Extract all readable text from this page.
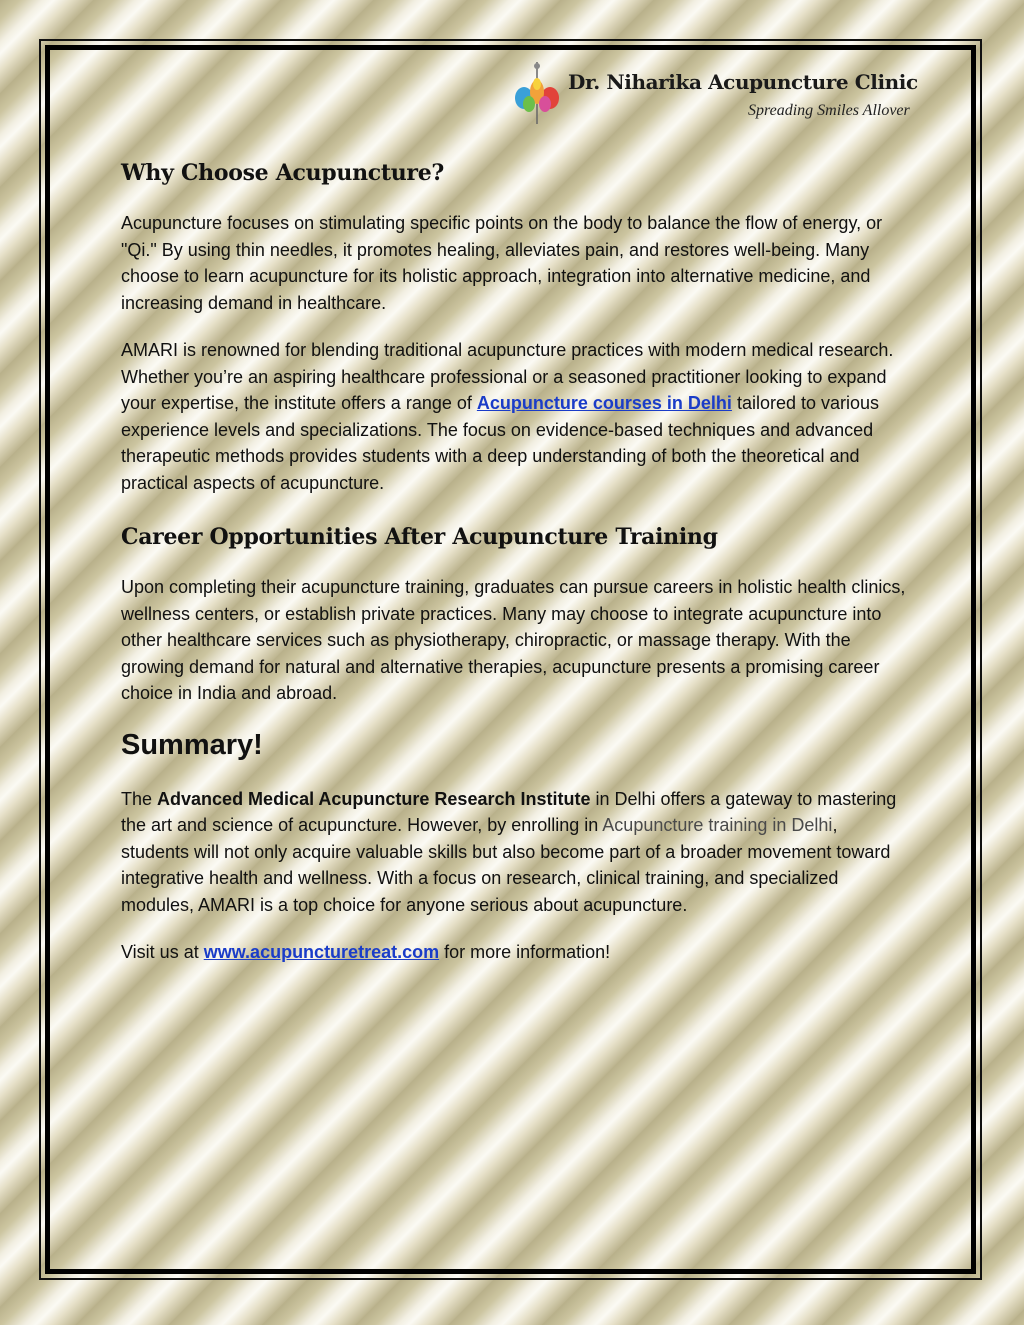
Dr. Niharika Acupuncture Clinic
Spreading Smiles Allover
Why Choose Acupuncture?

Acupuncture focuses on stimulating specific points on the body to balance the flow of energy, or "Qi." By using thin needles, it promotes healing, alleviates pain, and restores well-being. Many choose to learn acupuncture for its holistic approach, integration into alternative medicine, and increasing demand in healthcare.

AMARI is renowned for blending traditional acupuncture practices with modern medical research. Whether you’re an aspiring healthcare professional or a seasoned practitioner looking to expand your expertise, the institute offers a range of Acupuncture courses in Delhi tailored to various experience levels and specializations. The focus on evidence-based techniques and advanced therapeutic methods provides students with a deep understanding of both the theoretical and practical aspects of acupuncture.

Career Opportunities After Acupuncture Training

Upon completing their acupuncture training, graduates can pursue careers in holistic health clinics, wellness centers, or establish private practices. Many may choose to integrate acupuncture into other healthcare services such as physiotherapy, chiropractic, or massage therapy. With the growing demand for natural and alternative therapies, acupuncture presents a promising career choice in India and abroad.

Summary!

The Advanced Medical Acupuncture Research Institute in Delhi offers a gateway to mastering the art and science of acupuncture. However, by enrolling in Acupuncture training in Delhi, students will not only acquire valuable skills but also become part of a broader movement toward integrative health and wellness. With a focus on research, clinical training, and specialized modules, AMARI is a top choice for anyone serious about acupuncture.

Visit us at www.acupuncturetreat.com for more information!
